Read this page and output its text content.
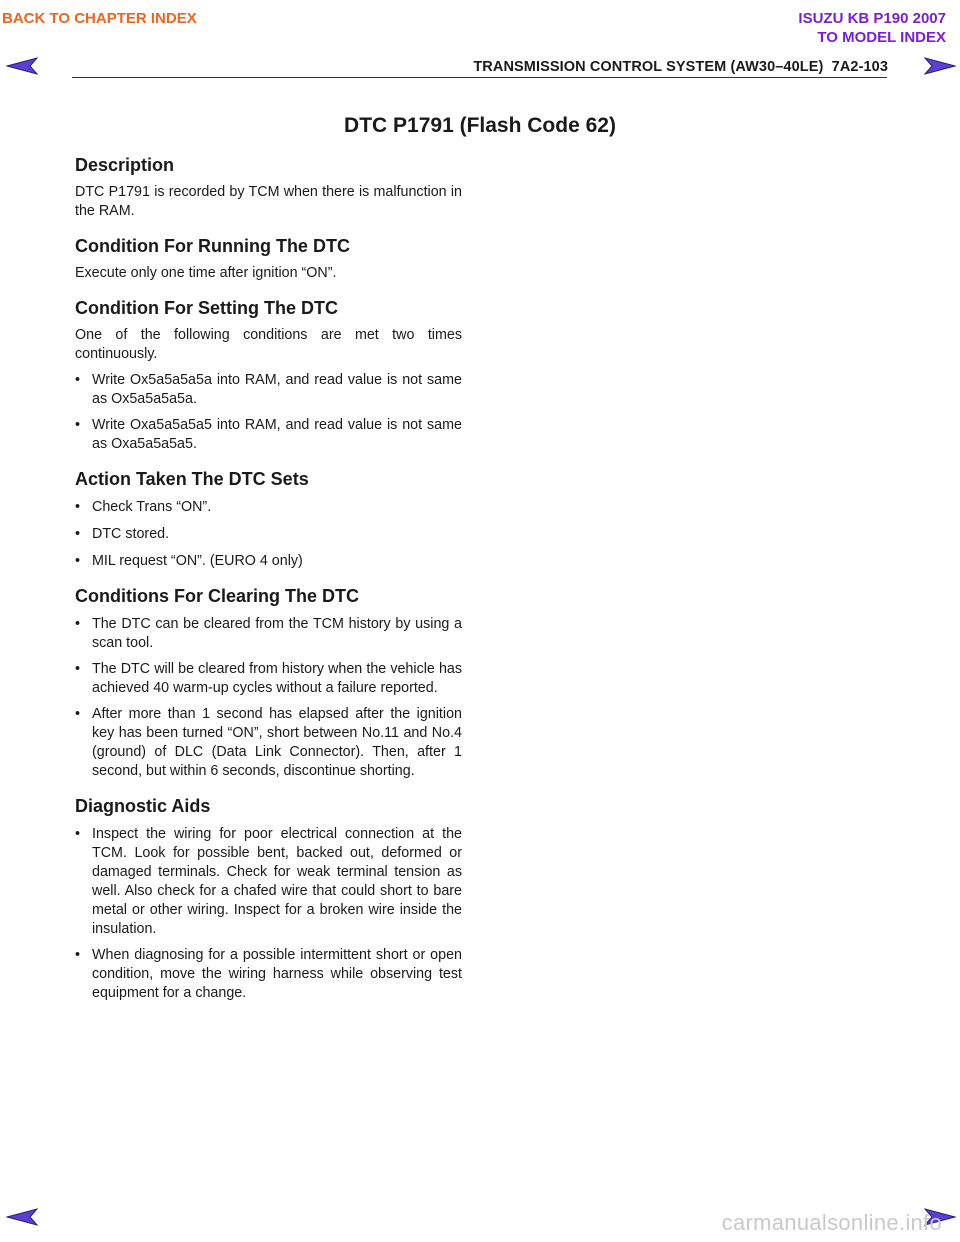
BACK TO CHAPTER INDEX	ISUZU KB P190 2007
TO MODEL INDEX
TRANSMISSION CONTROL SYSTEM (AW30–40LE)  7A2-103
DTC P1791 (Flash Code 62)
Description

DTC P1791 is recorded by TCM when there is malfunction in the RAM.

Condition For Running The DTC

Execute only one time after ignition “ON”.

Condition For Setting The DTC

One of the following conditions are met two times continuously.

• Write Ox5a5a5a5a into RAM, and read value is not same as Ox5a5a5a5a.
• Write Oxa5a5a5a5 into RAM, and read value is not same as Oxa5a5a5a5.
Action Taken The DTC Sets
• Check Trans “ON”.
• DTC stored.
• MIL request “ON”. (EURO 4 only)
Conditions For Clearing The DTC
• The DTC can be cleared from the TCM history by using a scan tool.
• The DTC will be cleared from history when the vehicle has achieved 40 warm-up cycles without a failure reported.
• After more than 1 second has elapsed after the ignition key has been turned “ON”, short between No.11 and No.4 (ground) of DLC (Data Link Connector). Then, after 1 second, but within 6 seconds, discontinue shorting.
Diagnostic Aids
• Inspect the wiring for poor electrical connection at the TCM. Look for possible bent, backed out, deformed or damaged terminals. Check for weak terminal tension as well. Also check for a chafed wire that could short to bare metal or other wiring. Inspect for a broken wire inside the insulation.
• When diagnosing for a possible intermittent short or open condition, move the wiring harness while observing test equipment for a change.
carmanualsonline.info
